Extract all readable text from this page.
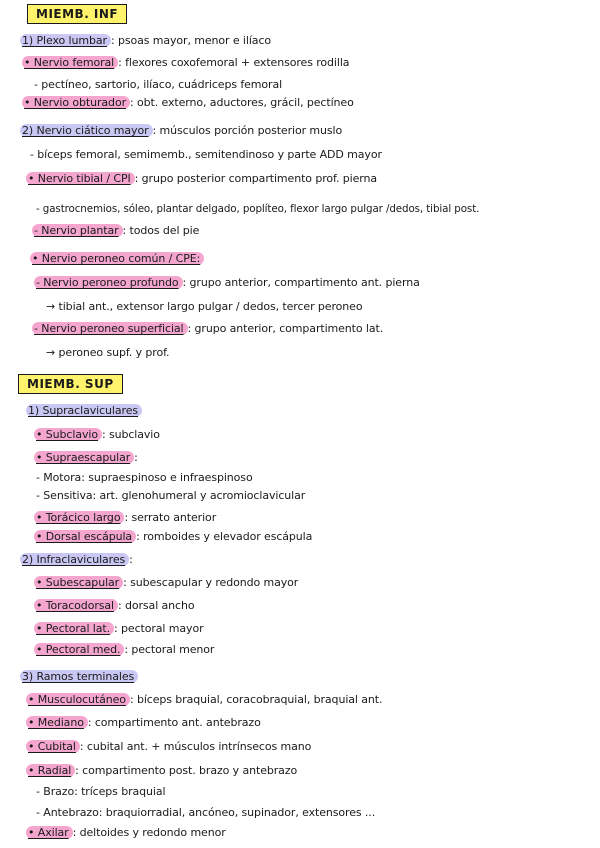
MIEMB. INF
1) Plexo lumbar : psoas mayor, menor e ilíaco
• Nervio femoral : flexores coxofemoral + extensores rodilla
- pectíneo, sartorio, ilíaco, cuádriceps femoral
• Nervio obturador : obt. externo, aductores, grácil, pectíneo
2) Nervio ciático mayor : músculos porción posterior muslo
- bíceps femoral, semimemb., semitendinoso y parte ADD mayor
• Nervio tibial / CPI : grupo posterior compartimento prof. pierna
- gastrocnemios, sóleo, plantar delgado, poplíteo, flexor largo pulgar /dedos, tibial post.
- Nervio plantar : todos del pie
• Nervio peroneo común / CPE:
- Nervio peroneo profundo : grupo anterior, compartimento ant. pierna
→ tibial ant., extensor largo pulgar / dedos, tercer peroneo
- Nervio peroneo superficial : grupo anterior, compartimento lat.
→ peroneo supf. y prof.
MIEMB. SUP
1) Supraclaviculares
• Subclavio : subclavio
• Supraescapular :
- Motora: supraespinoso e infraespinoso
- Sensitiva: art. glenohumeral y acromioclavicular
• Torácico largo : serrato anterior
• Dorsal escápula : romboides y elevador escápula
2) Infraclaviculares :
• Subescapular : subescapular y redondo mayor
• Toracodorsal : dorsal ancho
• Pectoral lat. : pectoral mayor
• Pectoral med. : pectoral menor
3) Ramos terminales
• Musculocutáneo : bíceps braquial, coracobraquial, braquial ant.
• Mediano : compartimento ant. antebrazo
• Cubital : cubital ant. + músculos intrínsecos mano
• Radial : compartimento post. brazo y antebrazo
- Brazo: tríceps braquial
- Antebrazo: braquiorradial, ancóneo, supinador, extensores ...
• Axilar : deltoides y redondo menor
